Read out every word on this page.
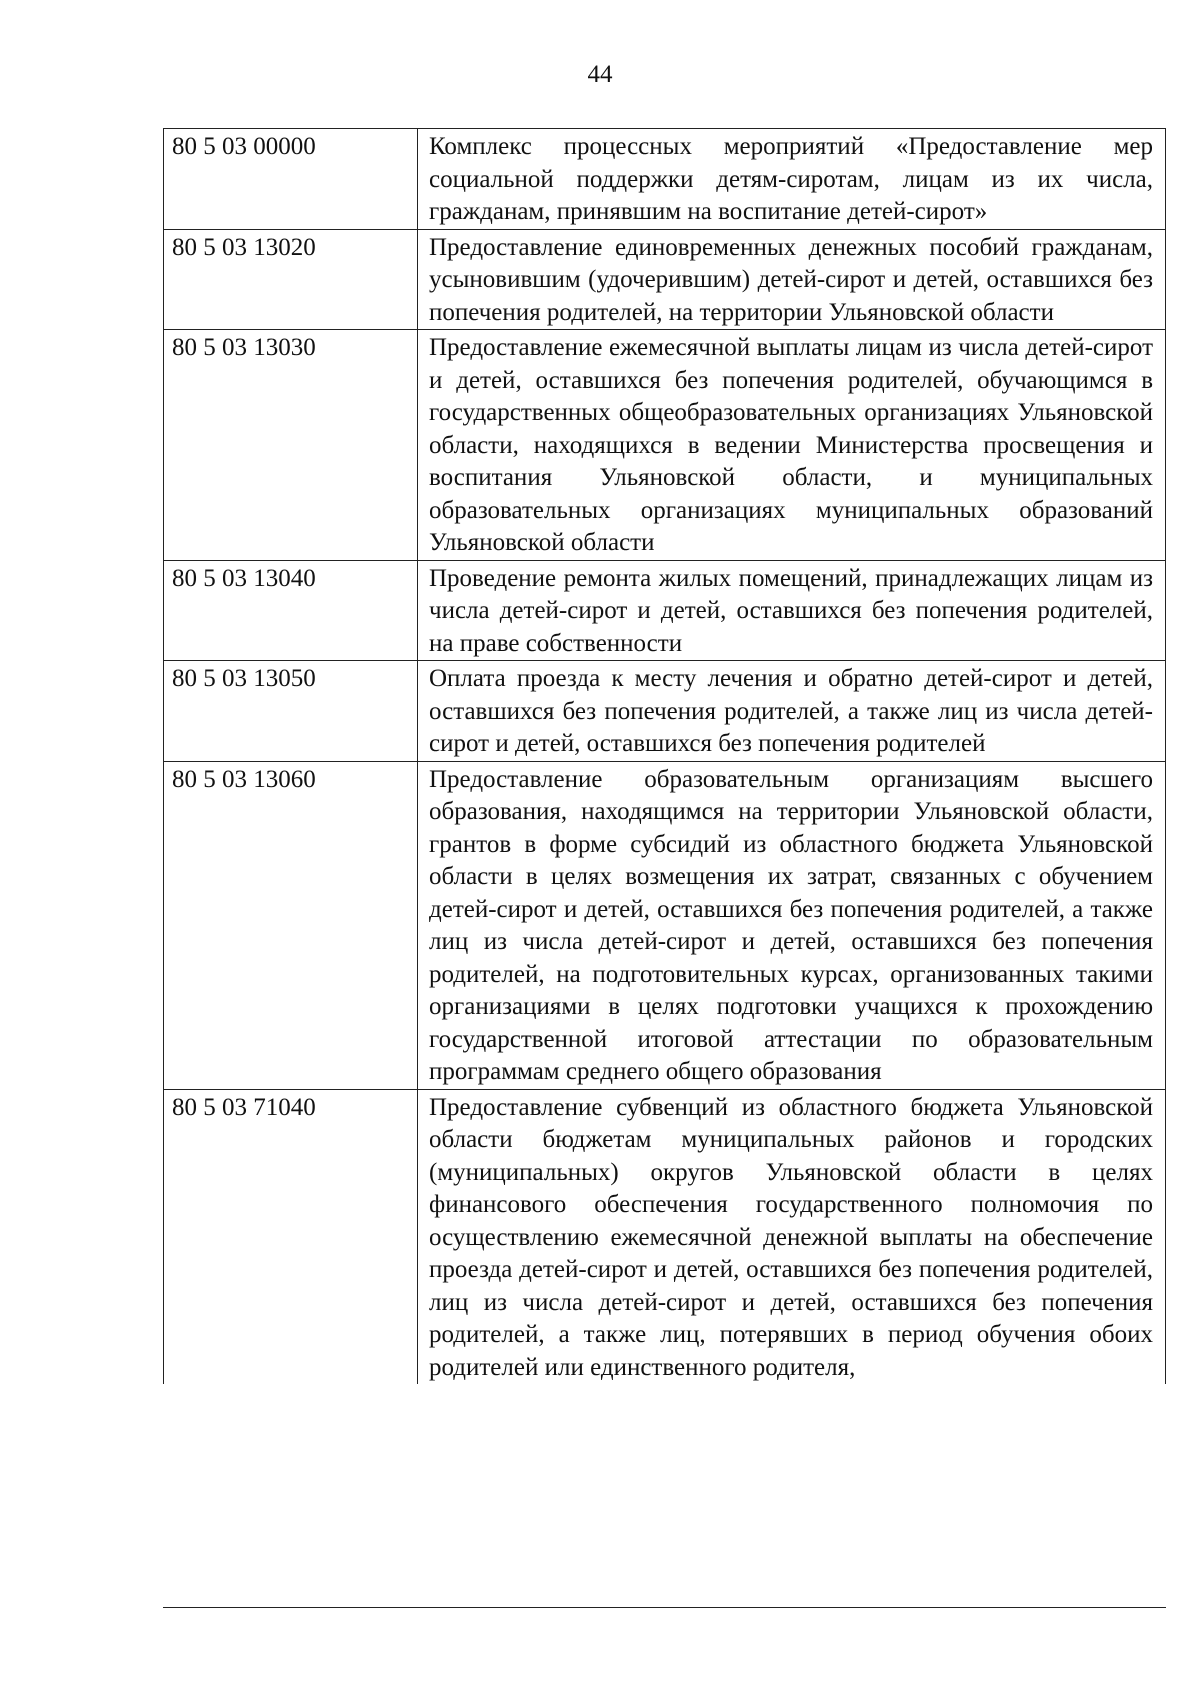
44
80 5 03 00000	Комплекс процессных мероприятий «Предоставление мер социальной поддержки детям-сиротам, лицам из их числа, гражданам, принявшим на воспитание детей-сирот»
80 5 03 13020	Предоставление единовременных денежных пособий гражданам, усыновившим (удочерившим) детей-сирот и детей, оставшихся без попечения родителей, на территории Ульяновской области
80 5 03 13030	Предоставление ежемесячной выплаты лицам из числа детей-сирот и детей, оставшихся без попечения родителей, обучающимся в государственных общеобразовательных организациях Ульяновской области, находящихся в ведении Министерства просвещения и воспитания Ульяновской области, и муниципальных образовательных организациях муниципальных образований Ульяновской области
80 5 03 13040	Проведение ремонта жилых помещений, принадлежащих лицам из числа детей-сирот и детей, оставшихся без попечения родителей, на праве собственности
80 5 03 13050	Оплата проезда к месту лечения и обратно детей-сирот и детей, оставшихся без попечения родителей, а также лиц из числа детей-сирот и детей, оставшихся без попечения родителей
80 5 03 13060	Предоставление образовательным организациям высшего образования, находящимся на территории Ульяновской области, грантов в форме субсидий из областного бюджета Ульяновской области в целях возмещения их затрат, связанных с обучением детей-сирот и детей, оставшихся без попечения родителей, а также лиц из числа детей-сирот и детей, оставшихся без попечения родителей, на подготовительных курсах, организованных такими организациями в целях подготовки учащихся к прохождению государственной итоговой аттестации по образовательным программам среднего общего образования
80 5 03 71040	Предоставление субвенций из областного бюджета Ульяновской области бюджетам муниципальных районов и городских (муниципальных) округов Ульяновской области в целях финансового обеспечения государственного полномочия по осуществлению ежемесячной денежной выплаты на обеспечение проезда детей-сирот и детей, оставшихся без попечения родителей, лиц из числа детей-сирот и детей, оставшихся без попечения родителей, а также лиц, потерявших в период обучения обоих родителей или единственного родителя,
